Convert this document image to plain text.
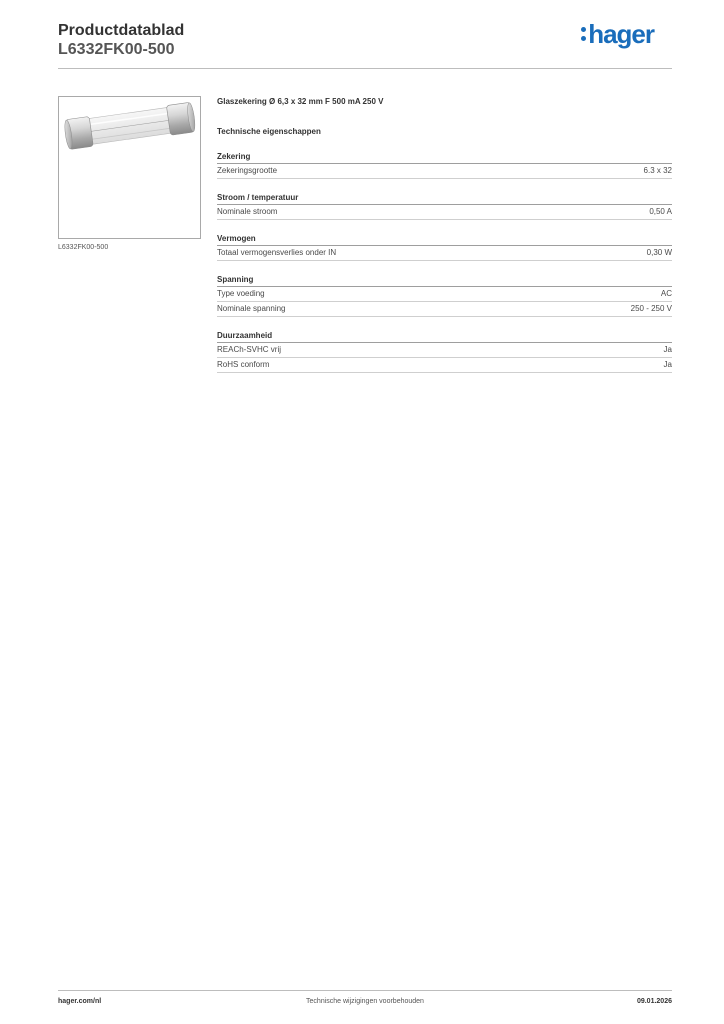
Productdatablad
L6332FK00-500
hager
L6332FK00-500

Glaszekering Ø 6,3 x 32 mm F 500 mA 250 V

Technische eigenschappen
Zekering
Zekeringsgrootte	6.3 x 32
Stroom / temperatuur
Nominale stroom	0,50 A
Vermogen
Totaal vermogensverlies onder IN	0,30 W
Spanning
Type voeding	AC
Nominale spanning	250 - 250 V
Duurzaamheid
REACh-SVHC vrij	Ja
RoHS conform	Ja
hager.com/nl	Technische wijzigingen voorbehouden	09.01.2026
